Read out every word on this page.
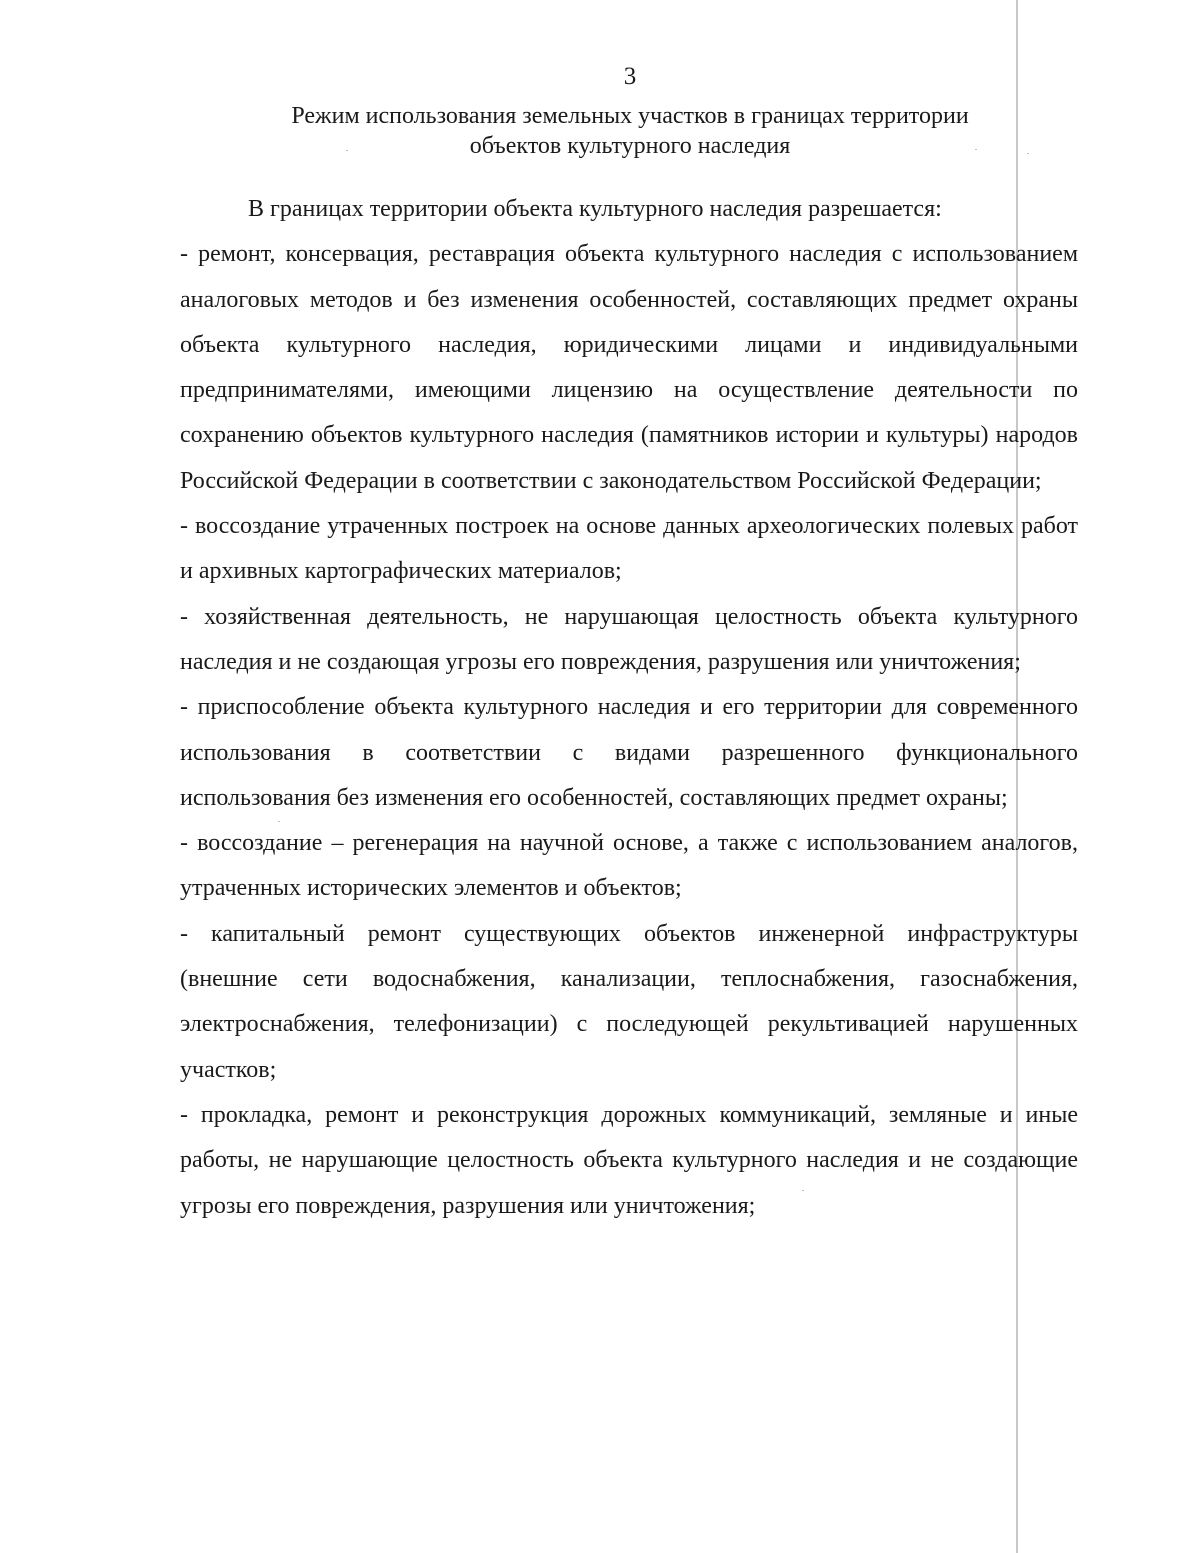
3
Режим использования земельных участков в границах территории
объектов культурного наследия

В границах территории объекта культурного наследия разрешается:

- ремонт, консервация, реставрация объекта культурного наследия с использованием аналоговых методов и без изменения особенностей, составляющих предмет охраны объекта культурного наследия, юридическими лицами и индивидуальными предпринимателями, имеющими лицензию на осуществление деятельности по сохранению объектов культурного наследия (памятников истории и культуры) народов Российской Федерации в соответствии с законодательством Российской Федерации;

- воссоздание утраченных построек на основе данных археологических полевых работ и архивных картографических материалов;

- хозяйственная деятельность, не нарушающая целостность объекта культурного наследия и не создающая угрозы его повреждения, разрушения или уничтожения;

- приспособление объекта культурного наследия и его территории для современного использования в соответствии с видами разрешенного функционального использования без изменения его особенностей, составляющих предмет охраны;

- воссоздание – регенерация на научной основе, а также с использованием аналогов, утраченных исторических элементов и объектов;

- капитальный ремонт существующих объектов инженерной инфраструктуры (внешние сети водоснабжения, канализации, теплоснабжения, газоснабжения, электроснабжения, телефонизации) с последующей рекультивацией нарушенных участков;

- прокладка, ремонт и реконструкция дорожных коммуникаций, земляные и иные работы, не нарушающие целостность объекта культурного наследия и не создающие угрозы его повреждения, разрушения или уничтожения;
